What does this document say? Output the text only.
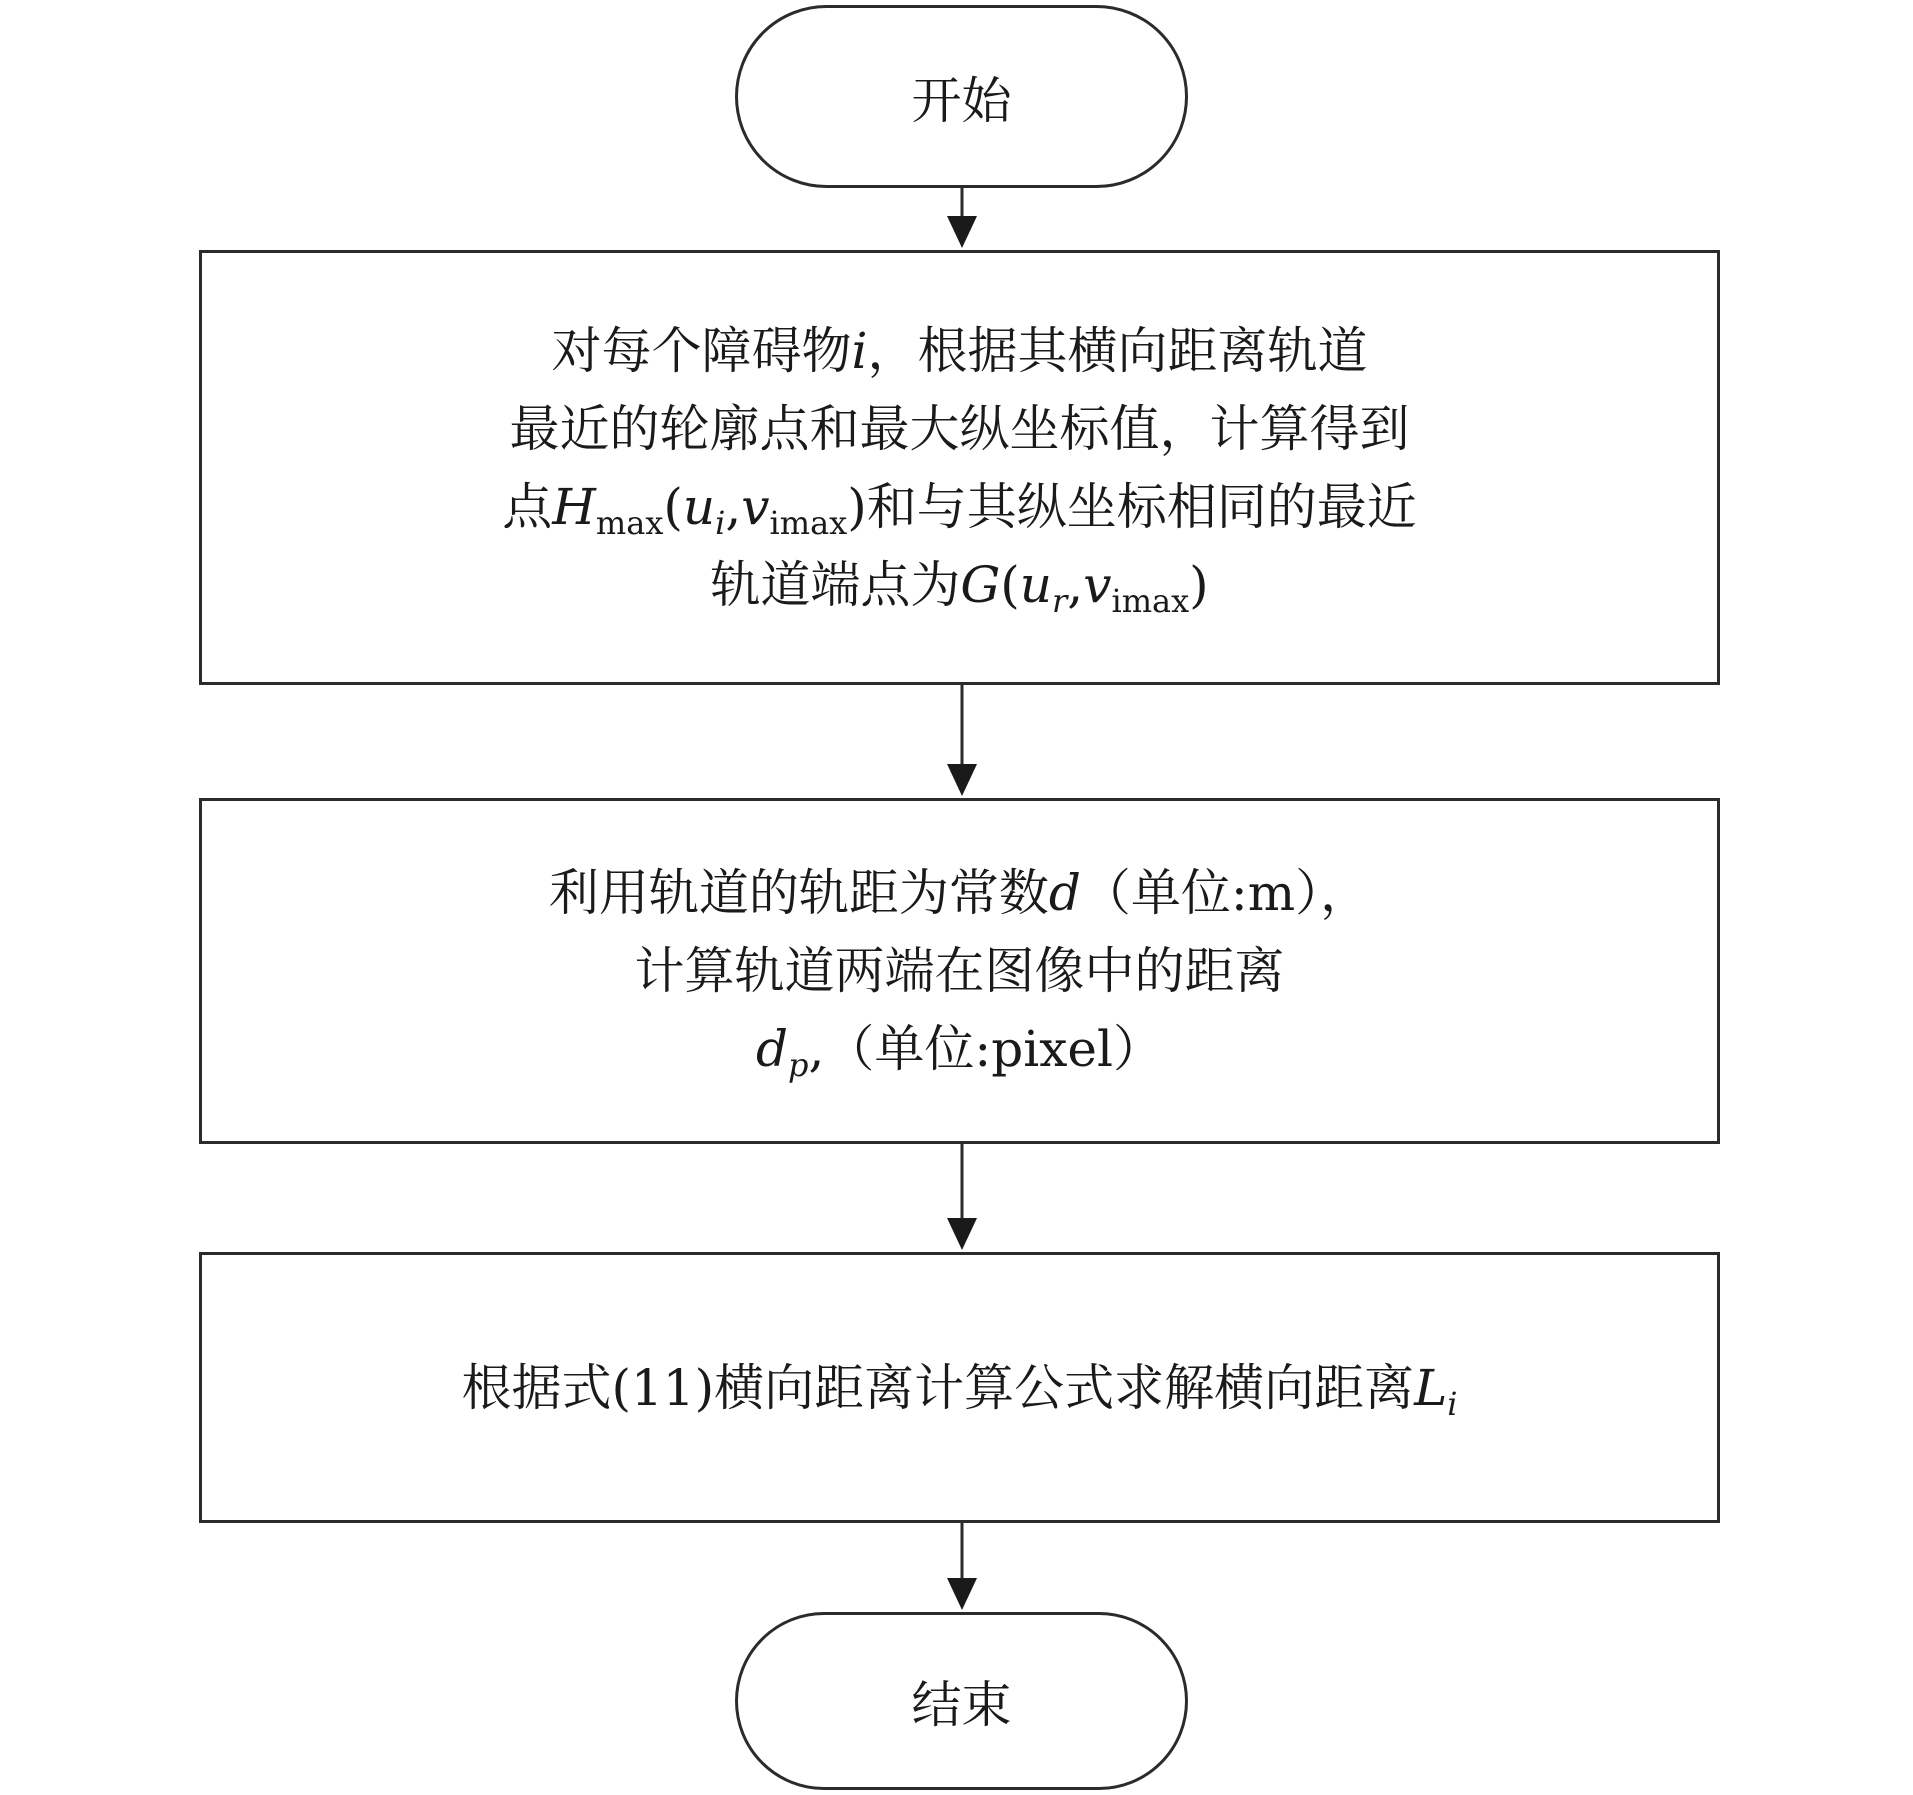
开始
对每个障碍物i，根据其横向距离轨道
最近的轮廓点和最大纵坐标值，计算得到
点$H_{max}(u_i,v_{imax})$和与其纵坐标相同的最近
轨道端点为$G(u_r,v_{imax})$
利用轨道的轨距为常数d（单位:m），
计算轨道两端在图像中的距离
$d_p$,（单位:pixel）
根据式(11)横向距离计算公式求解横向距离$L_i$
结束
